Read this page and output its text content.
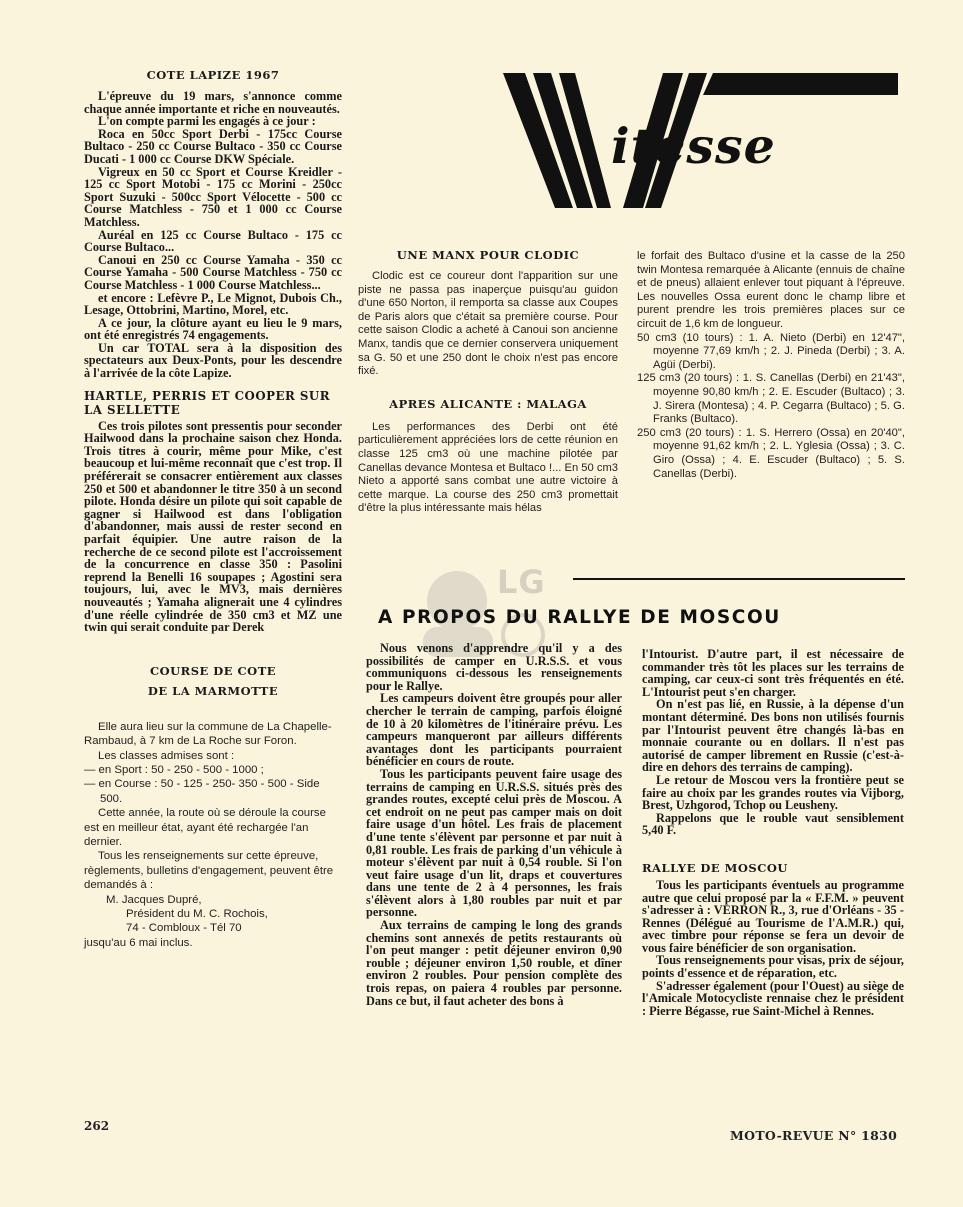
COTE LAPIZE 1967

L'épreuve du 19 mars, s'annonce comme chaque année importante et riche en nouveautés.

L'on compte parmi les engagés à ce jour :

Roca en 50cc Sport Derbi - 175cc Course Bultaco - 250 cc Course Bultaco - 350 cc Course Ducati - 1 000 cc Course DKW Spéciale.

Vigreux en 50 cc Sport et Course Kreidler - 125 cc Sport Motobi - 175 cc Morini - 250cc Sport Suzuki - 500cc Sport Vélocette - 500 cc Course Matchless - 750 et 1 000 cc Course Matchless.

Auréal en 125 cc Course Bultaco - 175 cc Course Bultaco...

Canoui en 250 cc Course Yamaha - 350 cc Course Yamaha - 500 Course Matchless - 750 cc Course Matchless - 1 000 Course Matchless...

et encore : Lefèvre P., Le Mignot, Dubois Ch., Lesage, Ottobrini, Martino, Morel, etc.

A ce jour, la clôture ayant eu lieu le 9 mars, ont été enregistrés 74 engagements.

Un car TOTAL sera à la disposition des spectateurs aux Deux-Ponts, pour les descendre à l'arrivée de la côte Lapize.

HARTLE, PERRIS ET COOPER SUR LA SELLETTE

Ces trois pilotes sont pressentis pour seconder Hailwood dans la prochaine saison chez Honda. Trois titres à courir, même pour Mike, c'est beaucoup et lui-même reconnaît que c'est trop. Il préférerait se consacrer entièrement aux classes 250 et 500 et abandonner le titre 350 à un second pilote. Honda désire un pilote qui soit capable de gagner si Hailwood est dans l'obligation d'abandonner, mais aussi de rester second en parfait équipier. Une autre raison de la recherche de ce second pilote est l'accroissement de la concurrence en classe 350 : Pasolini reprend la Benelli 16 soupapes ; Agostini sera toujours, lui, avec le MV3, mais dernières nouveautés ; Yamaha alignerait une 4 cylindres d'une réelle cylindrée de 350 cm3 et MZ une twin qui serait conduite par Derek

COURSE DE COTE
DE LA MARMOTTE

Elle aura lieu sur la commune de La Chapelle-Rambaud, à 7 km de La Roche sur Foron.

Les classes admises sont :

— en Sport : 50 - 250 - 500 - 1000 ;

— en Course : 50 - 125 - 250- 350 - 500 - Side 500.

Cette année, la route où se déroule la course est en meilleur état, ayant été rechargée l'an dernier.

Tous les renseignements sur cette épreuve, règlements, bulletins d'engagement, peuvent être demandés à :

M. Jacques Dupré,

Président du M. C. Rochois,

74 - Combloux - Tél 70

jusqu'au 6 mai inclus.

itesse
UNE MANX POUR CLODIC

Clodic est ce coureur dont l'apparition sur une piste ne passa pas inaperçue puisqu'au guidon d'une 650 Norton, il remporta sa classe aux Coupes de Paris alors que c'était sa première course. Pour cette saison Clodic a acheté à Canoui son ancienne Manx, tandis que ce dernier conservera uniquement sa G. 50 et une 250 dont le choix n'est pas encore fixé.

APRES ALICANTE : MALAGA

Les performances des Derbi ont été particulièrement appréciées lors de cette réunion en classe 125 cm3 où une machine pilotée par Canellas devance Montesa et Bultaco !... En 50 cm3 Nieto a apporté sans combat une autre victoire à cette marque. La course des 250 cm3 promettait d'être la plus intéressante mais hélas

le forfait des Bultaco d'usine et la casse de la 250 twin Montesa remarquée à Alicante (ennuis de chaîne et de pneus) allaient enlever tout piquant à l'épreuve. Les nouvelles Ossa eurent donc le champ libre et purent prendre les trois premières places sur ce circuit de 1,6 km de longueur.

50 cm3 (10 tours) : 1. A. Nieto (Derbi) en 12'47", moyenne 77,69 km/h ; 2. J. Pineda (Derbi) ; 3. A. Agüi (Derbi).

125 cm3 (20 tours) : 1. S. Canellas (Derbi) en 21'43", moyenne 90,80 km/h ; 2. E. Escuder (Bultaco) ; 3. J. Sirera (Montesa) ; 4. P. Cegarra (Bultaco) ; 5. G. Franks (Bultaco).

250 cm3 (20 tours) : 1. S. Herrero (Ossa) en 20'40", moyenne 91,62 km/h ; 2. L. Yglesia (Ossa) ; 3. C. Giro (Ossa) ; 4. E. Escuder (Bultaco) ; 5. S. Canellas (Derbi).

LG
A PROPOS DU RALLYE DE MOSCOU

Nous venons d'apprendre qu'il y a des possibilités de camper en U.R.S.S. et vous communiquons ci-dessous les renseignements pour le Rallye.

Les campeurs doivent être groupés pour aller chercher le terrain de camping, parfois éloigné de 10 à 20 kilomètres de l'itinéraire prévu. Les campeurs manqueront par ailleurs différents avantages dont les participants pourraient bénéficier en cours de route.

Tous les participants peuvent faire usage des terrains de camping en U.R.S.S. situés près des grandes routes, excepté celui près de Moscou. A cet endroit on ne peut pas camper mais on doit faire usage d'un hôtel. Les frais de placement d'une tente s'élèvent par personne et par nuit à 0,81 rouble. Les frais de parking d'un véhicule à moteur s'élèvent par nuit à 0,54 rouble. Si l'on veut faire usage d'un lit, draps et couvertures dans une tente de 2 à 4 personnes, les frais s'élèvent alors à 1,80 roubles par nuit et par personne.

Aux terrains de camping le long des grands chemins sont annexés de petits restaurants où l'on peut manger : petit déjeuner environ 0,90 rouble ; déjeuner environ 1,50 rouble, et dîner environ 2 roubles. Pour pension complète des trois repas, on paiera 4 roubles par personne. Dans ce but, il faut acheter des bons à

l'Intourist. D'autre part, il est nécessaire de commander très tôt les places sur les terrains de camping, car ceux-ci sont très fréquentés en été. L'Intourist peut s'en charger.

On n'est pas lié, en Russie, à la dépense d'un montant déterminé. Des bons non utilisés fournis par l'Intourist peuvent être changés là-bas en monnaie courante ou en dollars. Il n'est pas autorisé de camper librement en Russie (c'est-à-dire en dehors des terrains de camping).

Le retour de Moscou vers la frontière peut se faire au choix par les grandes routes via Vijborg, Brest, Uzhgorod, Tchop ou Leusheny.

Rappelons que le rouble vaut sensiblement 5,40 F.

RALLYE DE MOSCOU

Tous les participants éventuels au programme autre que celui proposé par la « F.F.M. » peuvent s'adresser à : VERRON R., 3, rue d'Orléans - 35 - Rennes (Délégué au Tourisme de l'A.M.R.) qui, avec timbre pour réponse se fera un devoir de vous faire bénéficier de son organisation.

Tous renseignements pour visas, prix de séjour, points d'essence et de réparation, etc.

S'adresser également (pour l'Ouest) au siège de l'Amicale Motocycliste rennaise chez le président : Pierre Bégasse, rue Saint-Michel à Rennes.

262
MOTO-REVUE N° 1830
